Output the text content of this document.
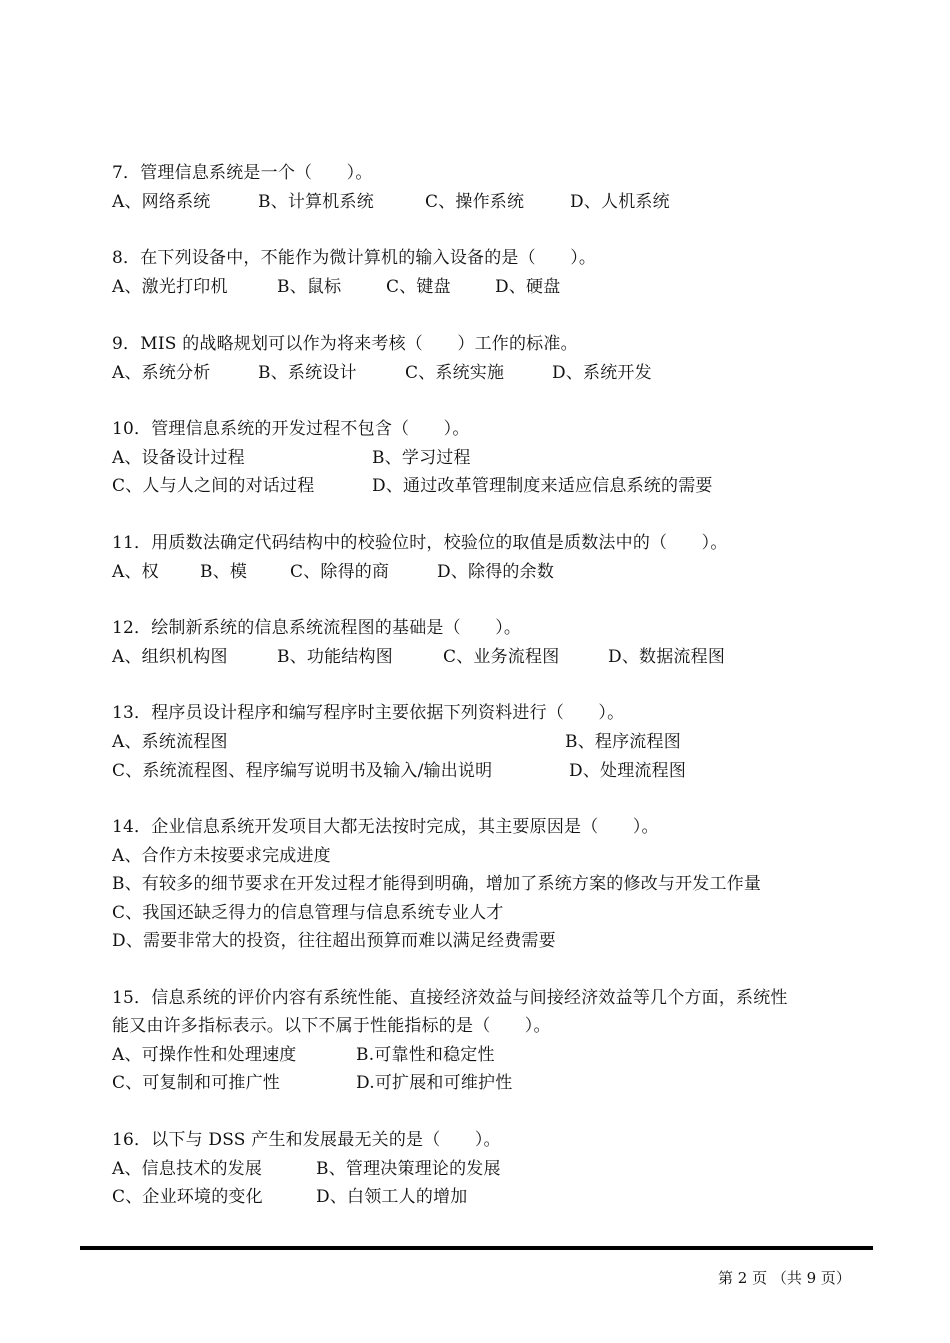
7．管理信息系统是一个（　　）。
A、网络系统	B、计算机系统	C、操作系统	D、人机系统
8．在下列设备中，不能作为微计算机的输入设备的是（　　）。
A、激光打印机	B、鼠标	C、键盘	D、硬盘
9．MIS 的战略规划可以作为将来考核（　　）工作的标准。
A、系统分析	B、系统设计	C、系统实施	D、系统开发
10．管理信息系统的开发过程不包含（　　）。
A、设备设计过程	B、学习过程
C、人与人之间的对话过程	D、通过改革管理制度来适应信息系统的需要
11．用质数法确定代码结构中的校验位时，校验位的取值是质数法中的（　　）。
A、权 B、模	C、除得的商	D、除得的余数
12．绘制新系统的信息系统流程图的基础是（　　）。
A、组织机构图	B、功能结构图	C、业务流程图	D、数据流程图
13．程序员设计程序和编写程序时主要依据下列资料进行（　　）。
A、系统流程图	B、程序流程图
C、系统流程图、程序编写说明书及输入/输出说明	D、处理流程图
14．企业信息系统开发项目大都无法按时完成，其主要原因是（　　）。
A、合作方未按要求完成进度
B、有较多的细节要求在开发过程才能得到明确，增加了系统方案的修改与开发工作量
C、我国还缺乏得力的信息管理与信息系统专业人才
D、需要非常大的投资，往往超出预算而难以满足经费需要
15．信息系统的评价内容有系统性能、直接经济效益与间接经济效益等几个方面，系统性
能又由许多指标表示。以下不属于性能指标的是（　　）。
A、可操作性和处理速度	B.可靠性和稳定性
C、可复制和可推广性	D.可扩展和可维护性
16．以下与 DSS 产生和发展最无关的是（　　）。
A、信息技术的发展	B、管理决策理论的发展
C、企业环境的变化	D、白领工人的增加
第 2 页 （共 9 页）
